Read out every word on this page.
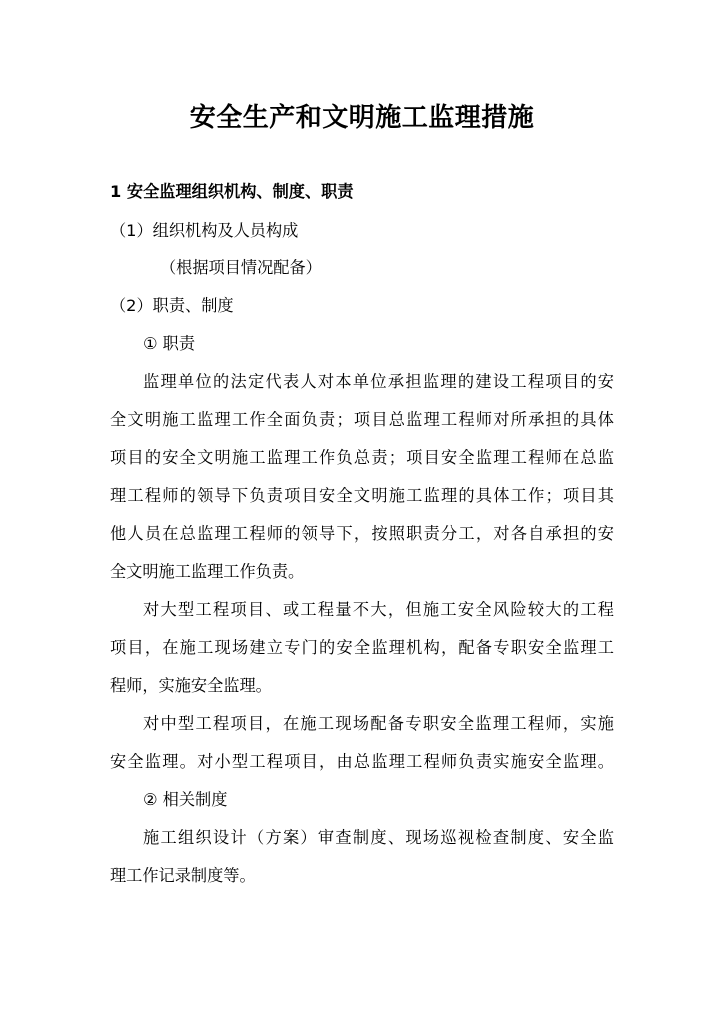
安全生产和文明施工监理措施
1 安全监理组织机构、制度、职责
（1）组织机构及人员构成
（根据项目情况配备）
（2）职责、制度
① 职责
监理单位的法定代表人对本单位承担监理的建设工程项目的安
全文明施工监理工作全面负责；项目总监理工程师对所承担的具体
项目的安全文明施工监理工作负总责；项目安全监理工程师在总监
理工程师的领导下负责项目安全文明施工监理的具体工作；项目其
他人员在总监理工程师的领导下，按照职责分工，对各自承担的安
全文明施工监理工作负责。
对大型工程项目、或工程量不大，但施工安全风险较大的工程
项目，在施工现场建立专门的安全监理机构，配备专职安全监理工
程师，实施安全监理。
对中型工程项目，在施工现场配备专职安全监理工程师，实施
安全监理。对小型工程项目，由总监理工程师负责实施安全监理。
② 相关制度
施工组织设计（方案）审查制度、现场巡视检查制度、安全监
理工作记录制度等。
